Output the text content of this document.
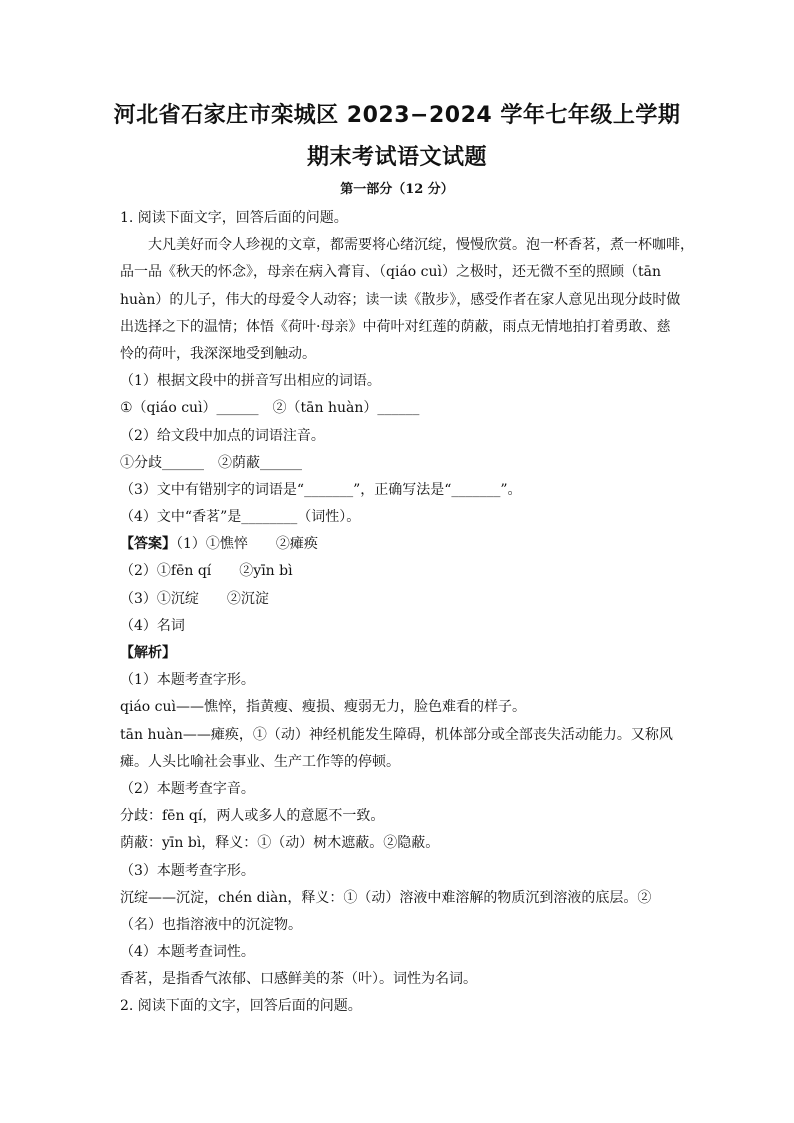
河北省石家庄市栾城区 2023−2024 学年七年级上学期
期末考试语文试题
第一部分（12 分）
1. 阅读下面文字，回答后面的问题。
大凡美好而令人珍视的文章，都需要将心绪沉绽，慢慢欣赏。泡一杯香茗，煮一杯咖啡，
品一品《秋天的怀念》，母亲在病入膏肓、（qiáo cuì）之极时，还无微不至的照顾（tān
huàn）的儿子，伟大的母爱令人动容；读一读《散步》，感受作者在家人意见出现分歧时做
出选择之下的温情；体悟《荷叶·母亲》中荷叶对红莲的荫蔽，雨点无情地拍打着勇敢、慈
怜的荷叶，我深深地受到触动。
（1）根据文段中的拼音写出相应的词语。
①（qiáo cuì）______　②（tān huàn）______
（2）给文段中加点的词语注音。
①分歧______　②荫蔽______
（3）文中有错别字的词语是“_______”，正确写法是“_______”。
（4）文中“香茗”是________（词性）。
【答案】（1）①憔悴　　②瘫痪
（2）①fēn qí　　②yīn bì
（3）①沉绽　　②沉淀
（4）名词
【解析】
（1）本题考查字形。
qiáo cuì——憔悴，指黄瘦、瘦损、瘦弱无力，脸色难看的样子。
tān huàn——瘫痪，①（动）神经机能发生障碍，机体部分或全部丧失活动能力。又称风
瘫。人头比喻社会事业、生产工作等的停顿。
（2）本题考查字音。
分歧：fēn qí，两人或多人的意愿不一致。
荫蔽：yīn bì，释义：①（动）树木遮蔽。②隐蔽。
（3）本题考查字形。
沉绽——沉淀，chén diàn，释义：①（动）溶液中难溶解的物质沉到溶液的底层。②
（名）也指溶液中的沉淀物。
（4）本题考查词性。
香茗，是指香气浓郁、口感鲜美的茶（叶）。词性为名词。
2. 阅读下面的文字，回答后面的问题。
